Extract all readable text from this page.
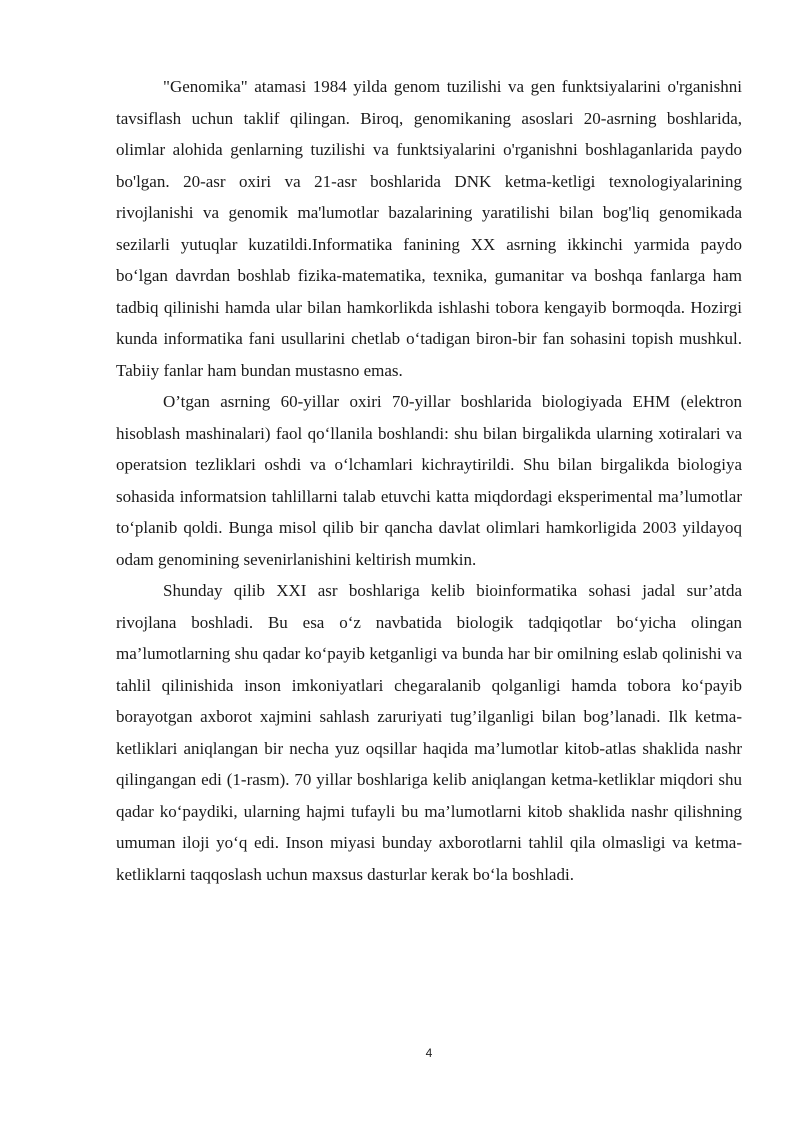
"Genomika" atamasi 1984 yilda genom tuzilishi va gen funktsiyalarini o'rganishni tavsiflash uchun taklif qilingan. Biroq, genomikaning asoslari 20-asrning boshlarida, olimlar alohida genlarning tuzilishi va funktsiyalarini o'rganishni boshlaganlarida paydo bo'lgan. 20-asr oxiri va 21-asr boshlarida DNK ketma-ketligi texnologiyalarining rivojlanishi va genomik ma'lumotlar bazalarining yaratilishi bilan bog'liq genomikada sezilarli yutuqlar kuzatildi.Informatika fanining XX asrning ikkinchi yarmida paydo bo‘lgan davrdan boshlab fizika-matematika, texnika, gumanitar va boshqa fanlarga ham tadbiq qilinishi hamda ular bilan hamkorlikda ishlashi tobora kengayib bormoqda. Hozirgi kunda informatika fani usullarini chetlab o‘tadigan biron-bir fan sohasini topish mushkul. Tabiiy fanlar ham bundan mustasno emas.

O’tgan asrning 60-yillar oxiri 70-yillar boshlarida biologiyada EHM (elektron hisoblash mashinalari) faol qo‘llanila boshlandi: shu bilan birgalikda ularning xotiralari va operatsion tezliklari oshdi va o‘lchamlari kichraytirildi. Shu bilan birgalikda biologiya sohasida informatsion tahlillarni talab etuvchi katta miqdordagi eksperimental ma’lumotlar to‘planib qoldi. Bunga misol qilib bir qancha davlat olimlari hamkorligida 2003 yildayoq odam genomining sevenirlanishini keltirish mumkin.

Shunday qilib XXI asr boshlariga kelib bioinformatika sohasi jadal sur’atda rivojlana boshladi. Bu esa o‘z navbatida biologik tadqiqotlar bo‘yicha olingan ma’lumotlarning shu qadar ko‘payib ketganligi va bunda har bir omilning eslab qolinishi va tahlil qilinishida inson imkoniyatlari chegaralanib qolganligi hamda tobora ko‘payib borayotgan axborot xajmini sahlash zaruriyati tug’ilganligi bilan bog’lanadi. Ilk ketma-ketliklari aniqlangan bir necha yuz oqsillar haqida ma’lumotlar kitob-atlas shaklida nashr qilingangan edi (1-rasm). 70 yillar boshlariga kelib aniqlangan ketma-ketliklar miqdori shu qadar ko‘paydiki, ularning hajmi tufayli bu ma’lumotlarni kitob shaklida nashr qilishning umuman iloji yo‘q edi. Inson miyasi bunday axborotlarni tahlil qila olmasligi va ketma-ketliklarni taqqoslash uchun maxsus dasturlar kerak bo‘la boshladi.

4
